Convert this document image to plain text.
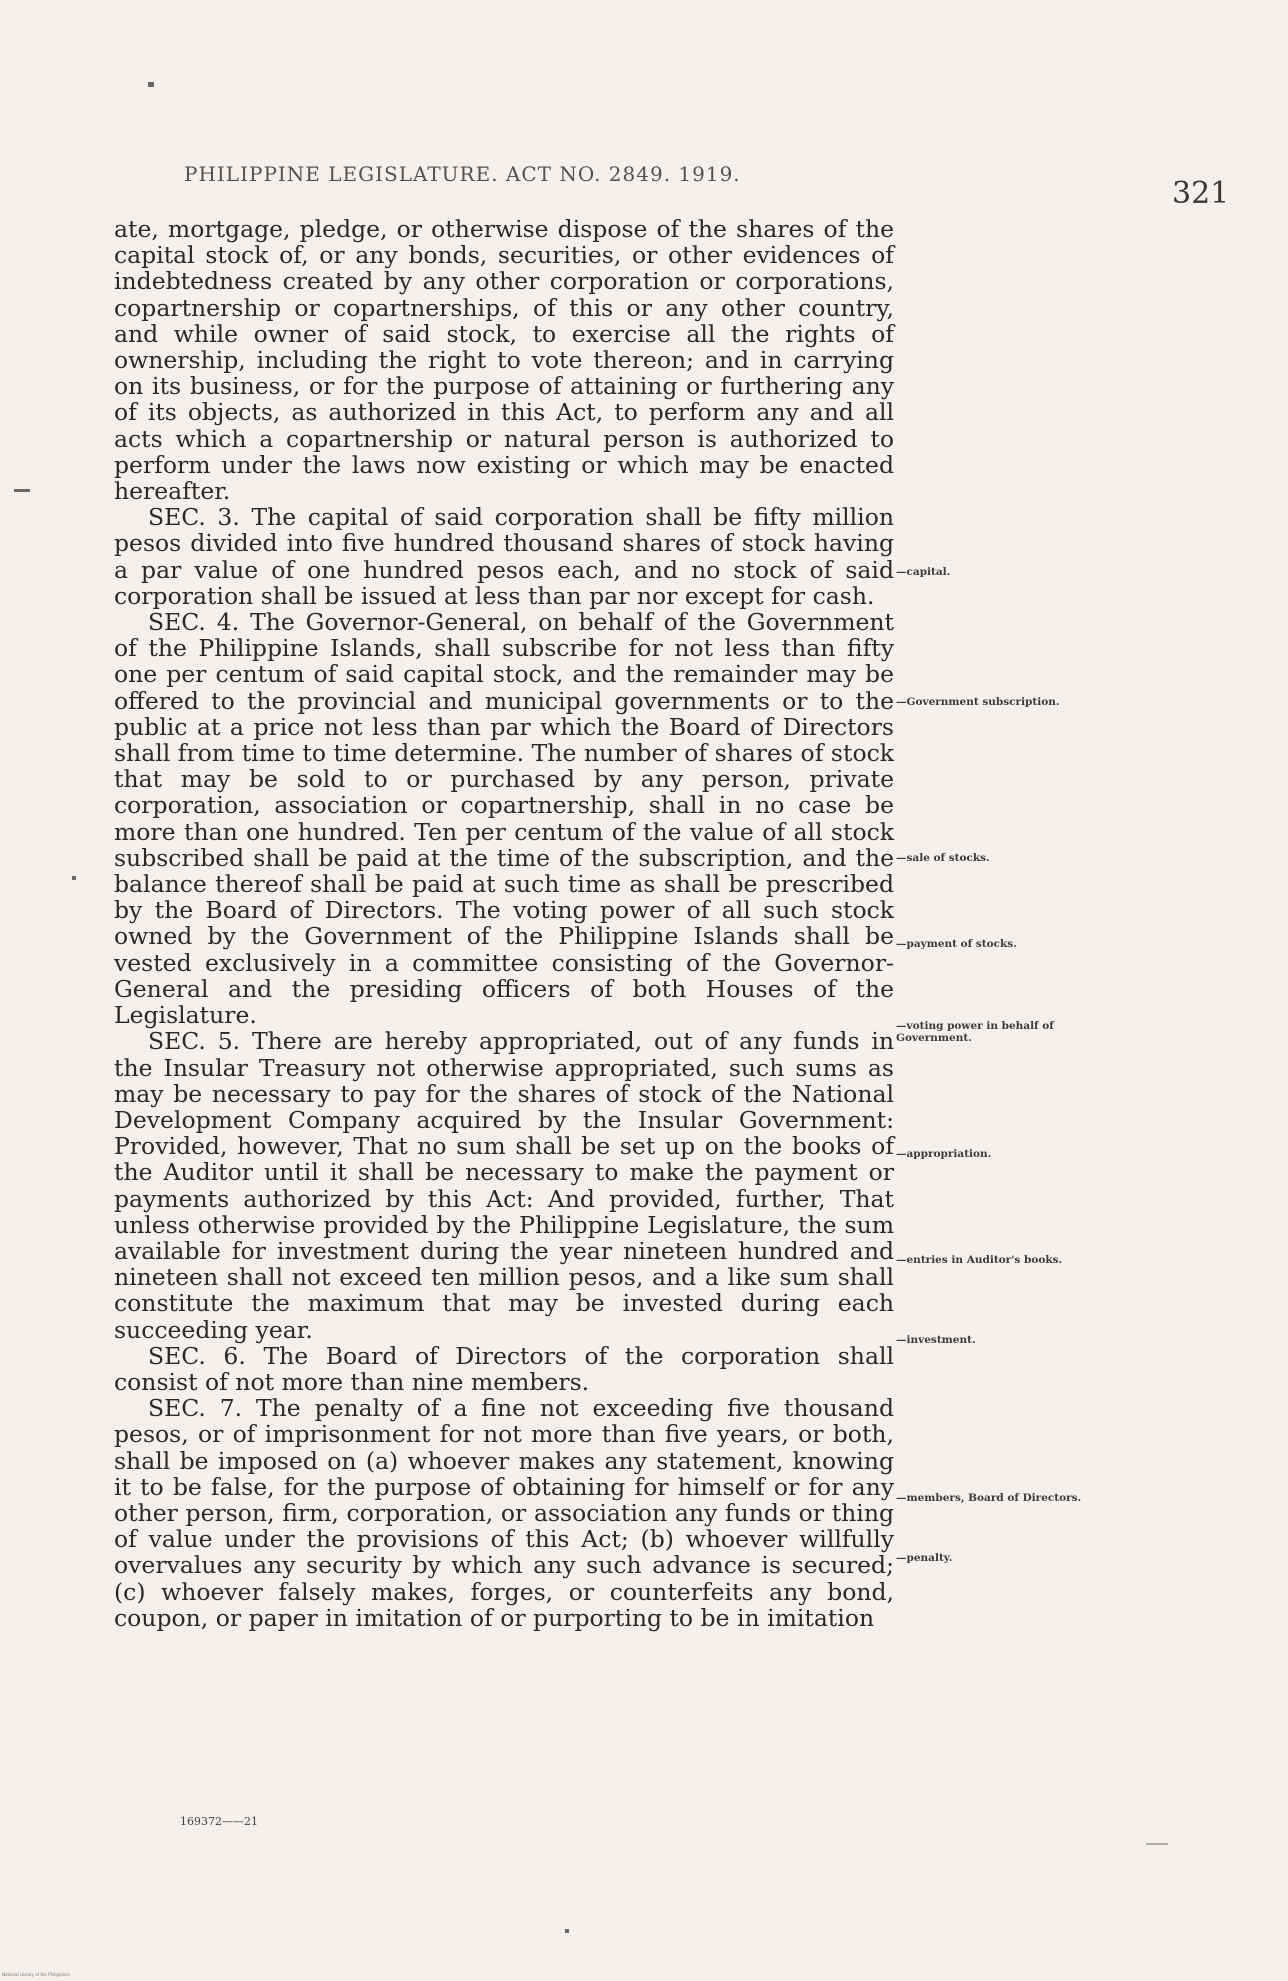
PHILIPPINE LEGISLATURE. ACT NO. 2849. 1919.
321

ate, mortgage, pledge, or otherwise dispose of the shares of the capital stock of, or any bonds, securities, or other evidences of indebtedness created by any other corporation or corporations, copartnership or copartnerships, of this or any other country, and while owner of said stock, to exercise all the rights of ownership, including the right to vote thereon; and in carrying on its business, or for the purpose of attaining or furthering any of its objects, as authorized in this Act, to perform any and all acts which a copartnership or natural person is authorized to perform under the laws now existing or which may be enacted hereafter.

SEC. 3. The capital of said corporation shall be fifty million pesos divided into five hundred thousand shares of stock having a par value of one hundred pesos each, and no stock of said corporation shall be issued at less than par nor except for cash.

SEC. 4. The Governor-General, on behalf of the Government of the Philippine Islands, shall subscribe for not less than fifty one per centum of said capital stock, and the remainder may be offered to the provincial and municipal governments or to the public at a price not less than par which the Board of Directors shall from time to time determine. The number of shares of stock that may be sold to or purchased by any person, private corporation, association or copartnership, shall in no case be more than one hundred. Ten per centum of the value of all stock subscribed shall be paid at the time of the subscription, and the balance thereof shall be paid at such time as shall be prescribed by the Board of Directors. The voting power of all such stock owned by the Government of the Philippine Islands shall be vested exclusively in a committee consisting of the Governor-General and the presiding officers of both Houses of the Legislature.

SEC. 5. There are hereby appropriated, out of any funds in the Insular Treasury not otherwise appropriated, such sums as may be necessary to pay for the shares of stock of the National Development Company acquired by the Insular Government: Provided, however, That no sum shall be set up on the books of the Auditor until it shall be necessary to make the payment or payments authorized by this Act: And provided, further, That unless otherwise provided by the Philippine Legislature, the sum available for investment during the year nineteen hundred and nineteen shall not exceed ten million pesos, and a like sum shall constitute the maximum that may be invested during each succeeding year.

SEC. 6. The Board of Directors of the corporation shall consist of not more than nine members.

SEC. 7. The penalty of a fine not exceeding five thousand pesos, or of imprisonment for not more than five years, or both, shall be imposed on (a) whoever makes any statement, knowing it to be false, for the purpose of obtaining for himself or for any other person, firm, corporation, or association any funds or thing of value under the provisions of this Act; (b) whoever willfully overvalues any security by which any such advance is secured; (c) whoever falsely makes, forges, or counterfeits any bond, coupon, or paper in imitation of or purporting to be in imitation

—capital.
—Government subscription.
—sale of stocks.
—payment of stocks.
—voting power in behalf of Government.
—appropriation.
—entries in Auditor's books.
—investment.
—members, Board of Directors.
—penalty.
169372——21
National Library of the Philippines
